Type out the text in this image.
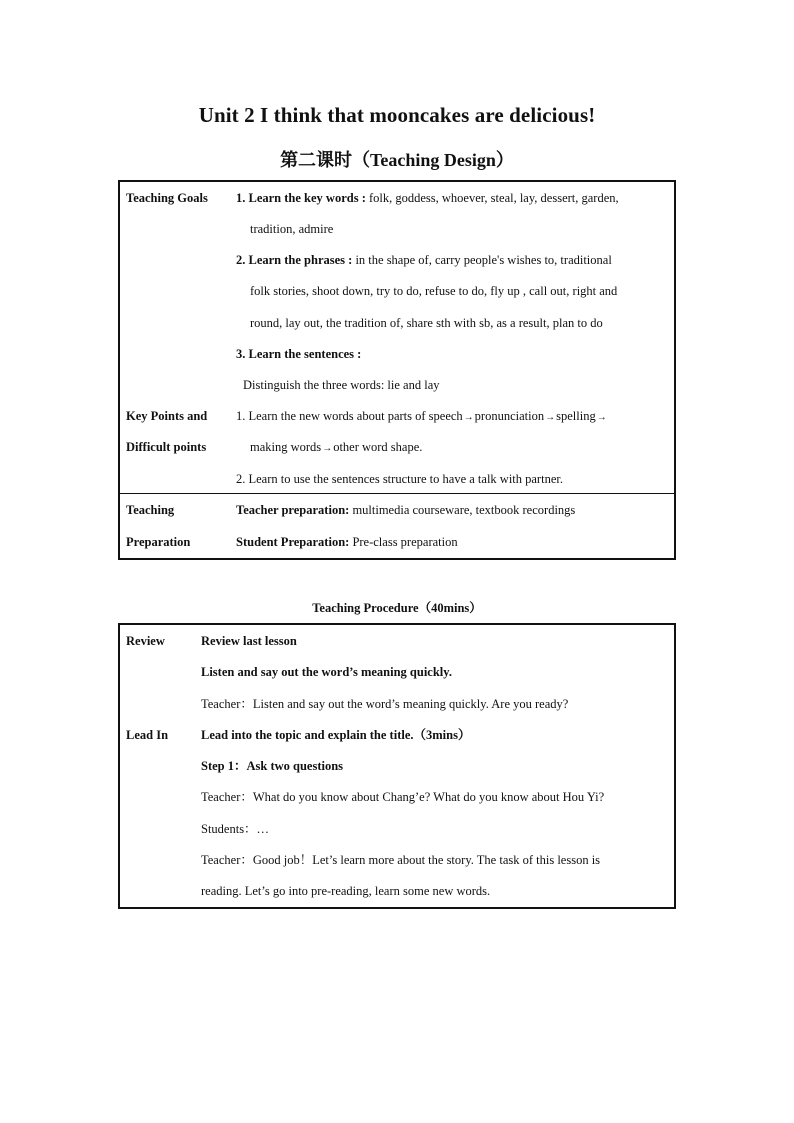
Unit 2 I think that mooncakes are delicious!
第二课时（Teaching Design）
Teaching Goals 1. Learn the key words : folk, goddess, whoever, steal, lay, dessert, garden,
tradition, admire
2. Learn the phrases : in the shape of, carry people's wishes to, traditional
folk stories, shoot down, try to do, refuse to do, fly up , call out, right and
round, lay out, the tradition of, share sth with sb, as a result, plan to do
3. Learn the sentences :
Distinguish the three words: lie and lay
Key Points and
Difficult points
1. Learn the new words about parts of speech→pronunciation→spelling→
making words→other word shape.
2. Learn to use the sentences structure to have a talk with partner.
Teaching
Preparation
Teacher preparation: multimedia courseware, textbook recordings
Student Preparation: Pre-class preparation
Teaching Procedure（40mins）
Review	Review last lesson
Listen and say out the word’s meaning quickly.
Teacher：Listen and say out the word’s meaning quickly. Are you ready?
Lead In	Lead into the topic and explain the title.（3mins）
Step 1：Ask two questions
Teacher：What do you know about Chang’e? What do you know about Hou Yi?
Students：…
Teacher：Good job！Let’s learn more about the story. The task of this lesson is
reading. Let’s go into pre-reading, learn some new words.
